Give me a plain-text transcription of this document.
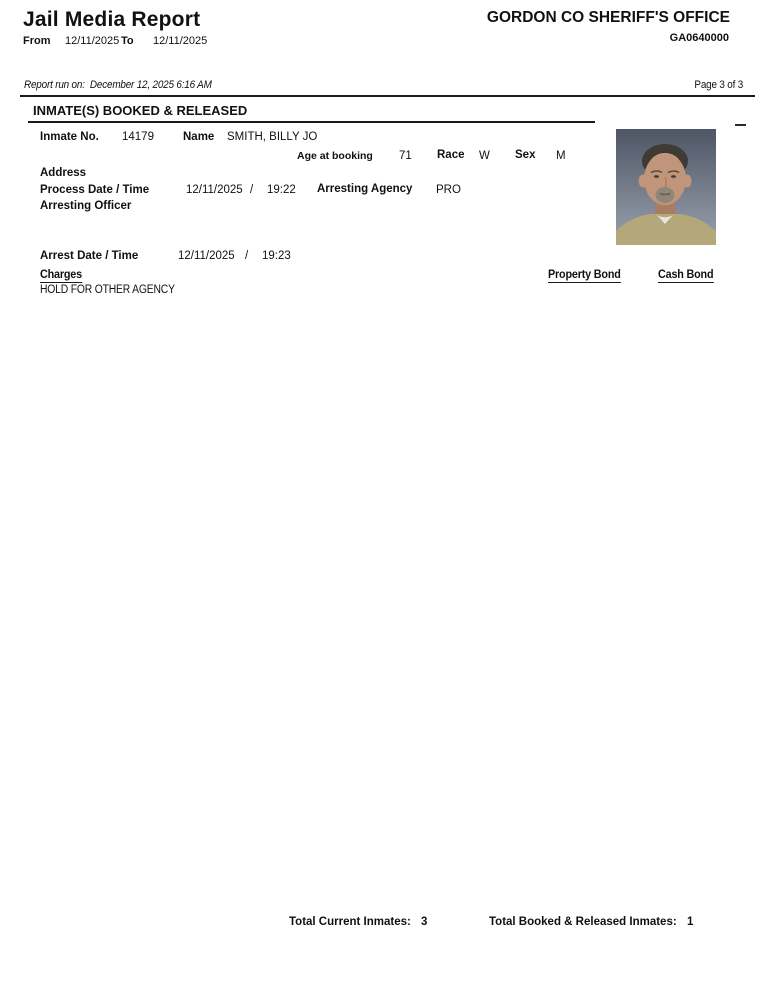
Jail Media Report
From 12/11/2025 To 12/11/2025
GORDON CO SHERIFF'S OFFICE
GA0640000
Report run on: December 12, 2025 6:16 AM	Page 3 of 3
INMATE(S) BOOKED & RELEASED
Inmate No. 14179	Name SMITH, BILLY JO
Age at booking 71 Race W Sex M
Address
Process Date / Time	12/11/2025 / 19:22 Arresting Agency PRO
Arresting Officer
Arrest Date / Time	12/11/2025 / 19:23
Charges	Property Bond	Cash Bond
HOLD FOR OTHER AGENCY
Total Current Inmates: 3	Total Booked & Released Inmates: 1
